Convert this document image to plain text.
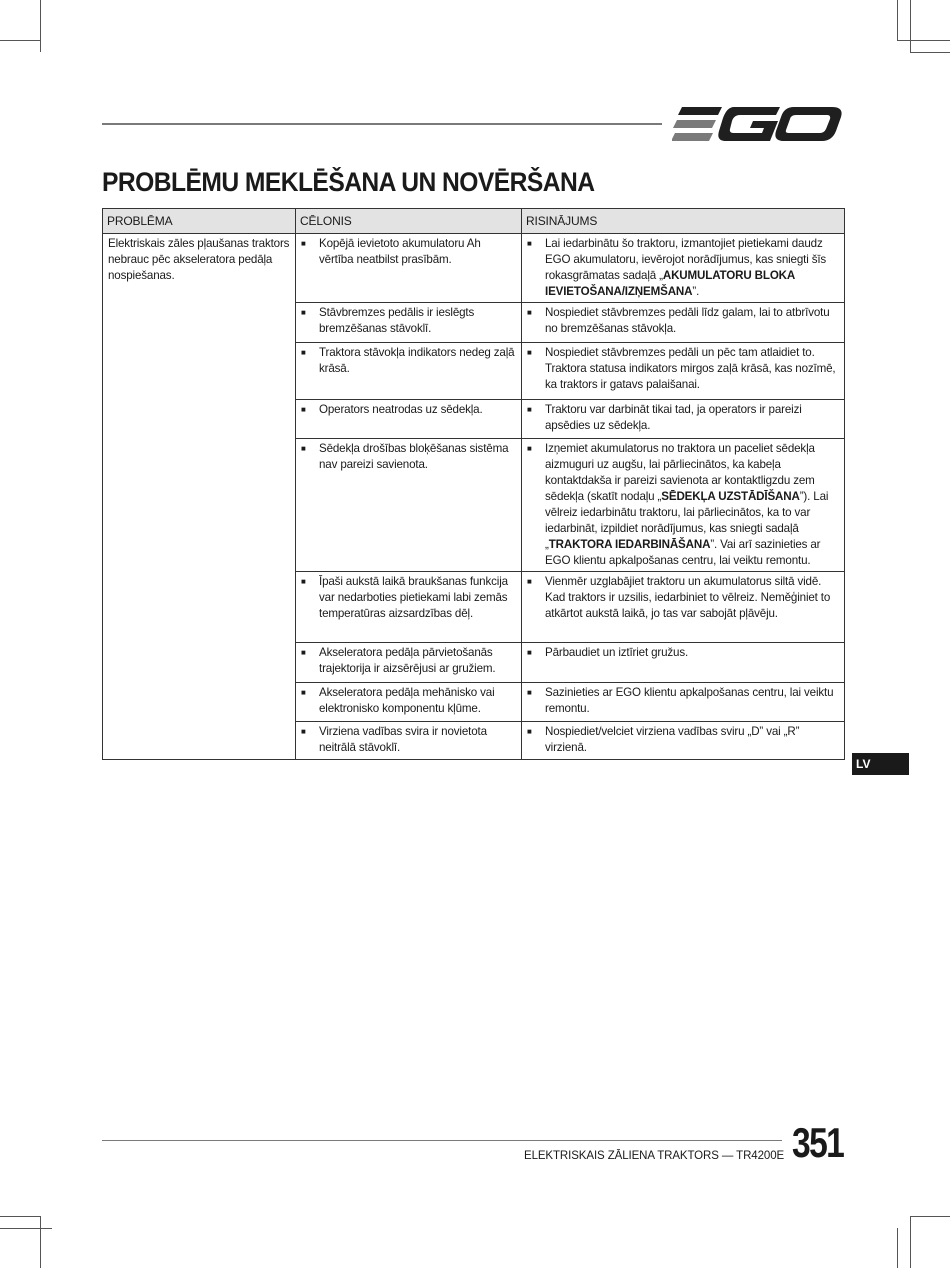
PROBLĒMU MEKLĒŠANA UN NOVĒRŠANA
PROBLĒMA	CĒLONIS	RISINĀJUMS
Elektriskais zāles pļaušanas traktors nebrauc pēc akseleratora pedāļa nospiešanas.	■ Kopējā ievietoto akumulatoru Ah vērtība neatbilst prasībām.	■ Lai iedarbinātu šo traktoru, izmantojiet pietiekami daudz EGO akumulatoru, ievērojot norādījumus, kas sniegti šīs rokasgrāmatas sadaļā „AKUMULATORU BLOKA IEVIETOŠANA/IZŅEMŠANA”.

	■ Stāvbremzes pedālis ir ieslēgts bremzēšanas stāvoklī.	■ Nospiediet stāvbremzes pedāli līdz galam, lai to atbrīvotu no bremzēšanas stāvokļa.

	■ Traktora stāvokļa indikators nedeg zaļā krāsā.	■ Nospiediet stāvbremzes pedāli un pēc tam atlaidiet to. Traktora statusa indikators mirgos zaļā krāsā, kas nozīmē, ka traktors ir gatavs palaišanai.

	■ Operators neatrodas uz sēdekļa.	■ Traktoru var darbināt tikai tad, ja operators ir pareizi apsēdies uz sēdekļa.

	■ Sēdekļa drošības bloķēšanas sistēma nav pareizi savienota.	■ Izņemiet akumulatorus no traktora un paceliet sēdekļa aizmuguri uz augšu, lai pārliecinātos, ka kabeļa kontaktdakša ir pareizi savienota ar kontaktligzdu zem sēdekļa (skatīt nodaļu „SĒDEKĻA UZSTĀDĪŠANA”). Lai vēlreiz iedarbinātu traktoru, lai pārliecinātos, ka to var iedarbināt, izpildiet norādījumus, kas sniegti sadaļā „TRAKTORA IEDARBINĀŠANA”. Vai arī sazinieties ar EGO klientu apkalpošanas centru, lai veiktu remontu.

	■ Īpaši aukstā laikā braukšanas funkcija var nedarboties pietiekami labi zemās temperatūras aizsardzības dēļ.	■ Vienmēr uzglabājiet traktoru un akumulatorus siltā vidē. Kad traktors ir uzsilis, iedarbiniet to vēlreiz. Neměģiniet to atkārtot aukstā laikā, jo tas var sabojāt pļāvēju.

	■ Akseleratora pedāļa pārvietošanās trajektorija ir aizsērējusi ar gružiem.	■ Pārbaudiet un iztīriet gružus.

	■ Akseleratora pedāļa mehānisko vai elektronisko komponentu kļūme.	■ Sazinieties ar EGO klientu apkalpošanas centru, lai veiktu remontu.

	■ Virziena vadības svira ir novietota neitrālā stāvoklī.	■ Nospiediet/velciet virziena vadības sviru „D” vai „R” virzienā.
LV
ELEKTRISKAIS ZĀLIENA TRAKTORS — TR4200E 351
